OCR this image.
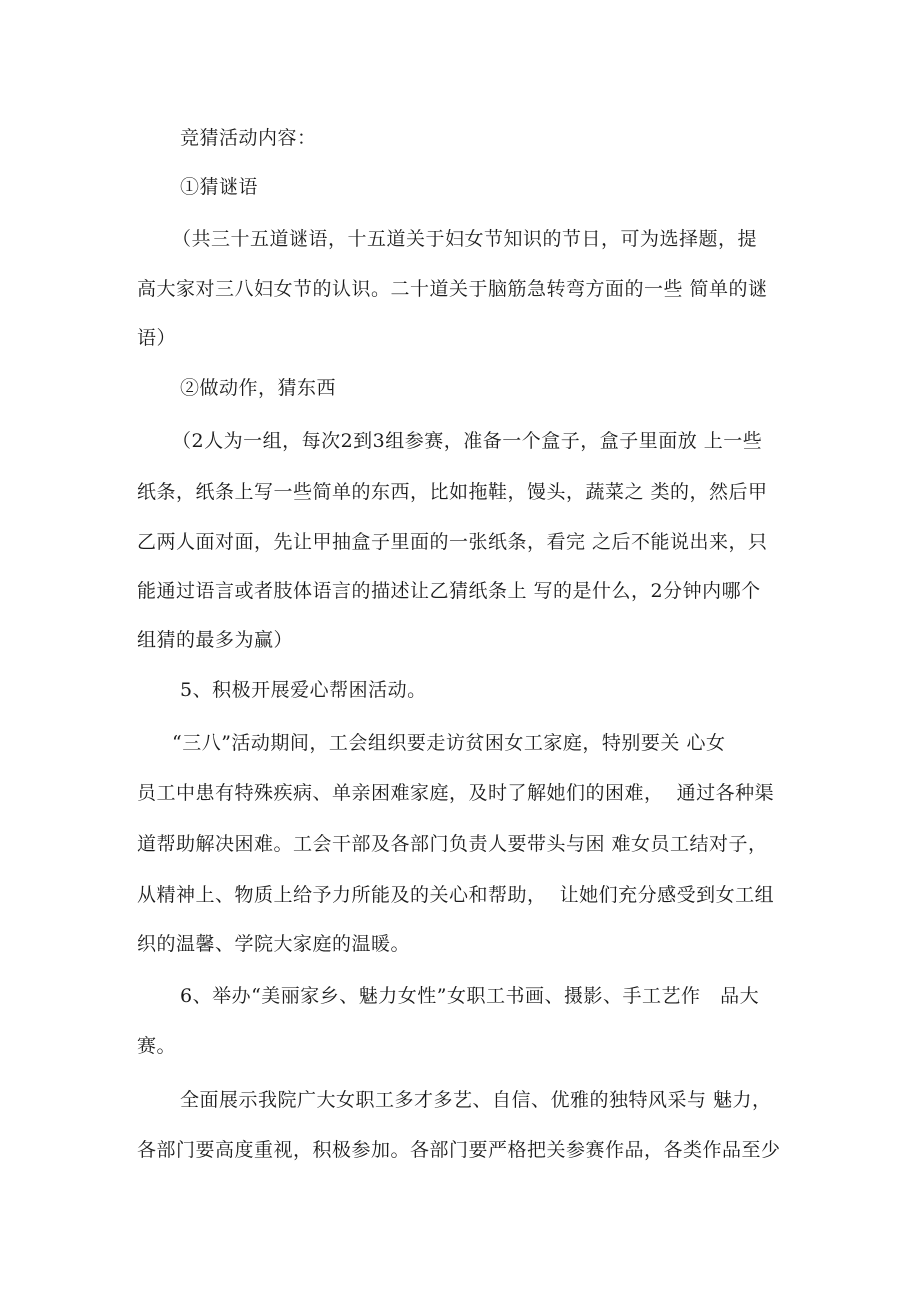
竞猜活动内容：
①猜谜语
（共三十五道谜语，十五道关于妇女节知识的节日，可为选择题，提
高大家对三八妇女节的认识。二十道关于脑筋急转弯方面的一些 简单的谜
语）
②做动作，猜东西
（2人为一组，每次2到3组参赛，准备一个盒子，盒子里面放 上一些
纸条，纸条上写一些简单的东西，比如拖鞋，馒头，蔬菜之 类的，然后甲
乙两人面对面，先让甲抽盒子里面的一张纸条，看完 之后不能说出来，只
能通过语言或者肢体语言的描述让乙猜纸条上 写的是什么，2分钟内哪个
组猜的最多为赢）
5、积极开展爱心帮困活动。
“三八”活动期间，工会组织要走访贫困女工家庭，特别要关 心女
员工中患有特殊疾病、单亲困难家庭，及时了解她们的困难，  通过各种渠
道帮助解决困难。工会干部及各部门负责人要带头与困 难女员工结对子，
从精神上、物质上给予力所能及的关心和帮助，  让她们充分感受到女工组
织的温馨、学院大家庭的温暖。
6、举办“美丽家乡、魅力女性”女职工书画、摄影、手工艺作   品大
赛。
全面展示我院广大女职工多才多艺、自信、优雅的独特风采与 魅力，
各部门要高度重视，积极参加。各部门要严格把关参赛作品，各类作品至少
